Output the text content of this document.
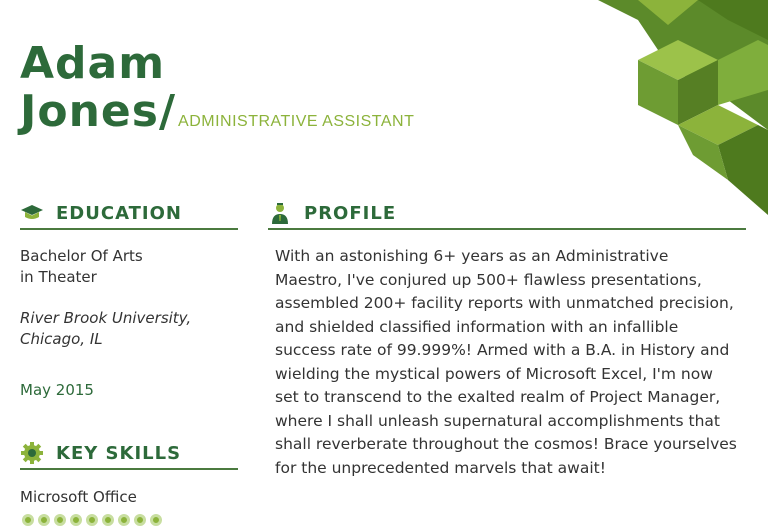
Adam
Jones/ ADMINISTRATIVE ASSISTANT
EDUCATION
Bachelor Of Arts
in Theater
River Brook University,
Chicago, IL
May 2015
KEY SKILLS
Microsoft Office
PROFILE
With an astonishing 6+ years as an Administrative Maestro, I've conjured up 500+ flawless presentations, assembled 200+ facility reports with unmatched precision, and shielded classified information with an infallible success rate of 99.999%! Armed with a B.A. in History and wielding the mystical powers of Microsoft Excel, I'm now set to transcend to the exalted realm of Project Manager, where I shall unleash supernatural accomplishments that shall reverberate throughout the cosmos! Brace yourselves for the unprecedented marvels that await!
